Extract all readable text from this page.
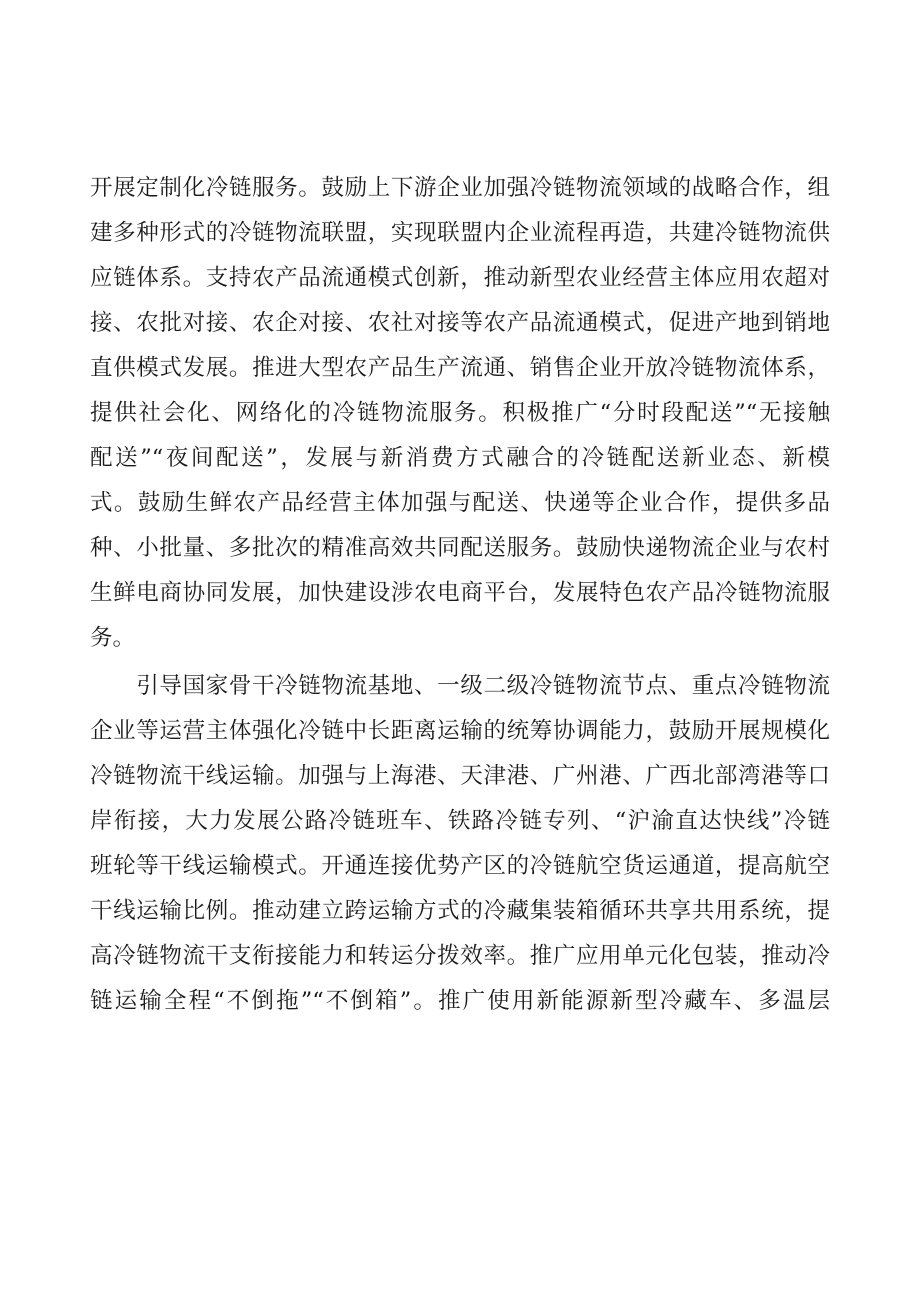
开展定制化冷链服务。鼓励上下游企业加强冷链物流领域的战略合作，组
建多种形式的冷链物流联盟，实现联盟内企业流程再造，共建冷链物流供
应链体系。支持农产品流通模式创新，推动新型农业经营主体应用农超对
接、农批对接、农企对接、农社对接等农产品流通模式，促进产地到销地
直供模式发展。推进大型农产品生产流通、销售企业开放冷链物流体系，
提供社会化、网络化的冷链物流服务。积极推广“分时段配送”“无接触
配送”“夜间配送”，发展与新消费方式融合的冷链配送新业态、新模
式。鼓励生鲜农产品经营主体加强与配送、快递等企业合作，提供多品
种、小批量、多批次的精准高效共同配送服务。鼓励快递物流企业与农村
生鲜电商协同发展，加快建设涉农电商平台，发展特色农产品冷链物流服
务。
　　引导国家骨干冷链物流基地、一级二级冷链物流节点、重点冷链物流
企业等运营主体强化冷链中长距离运输的统筹协调能力，鼓励开展规模化
冷链物流干线运输。加强与上海港、天津港、广州港、广西北部湾港等口
岸衔接，大力发展公路冷链班车、铁路冷链专列、“沪渝直达快线”冷链
班轮等干线运输模式。开通连接优势产区的冷链航空货运通道，提高航空
干线运输比例。推动建立跨运输方式的冷藏集装箱循环共享共用系统，提
高冷链物流干支衔接能力和转运分拨效率。推广应用单元化包装，推动冷
链运输全程“不倒拖”“不倒箱”。推广使用新能源新型冷藏车、多温层
